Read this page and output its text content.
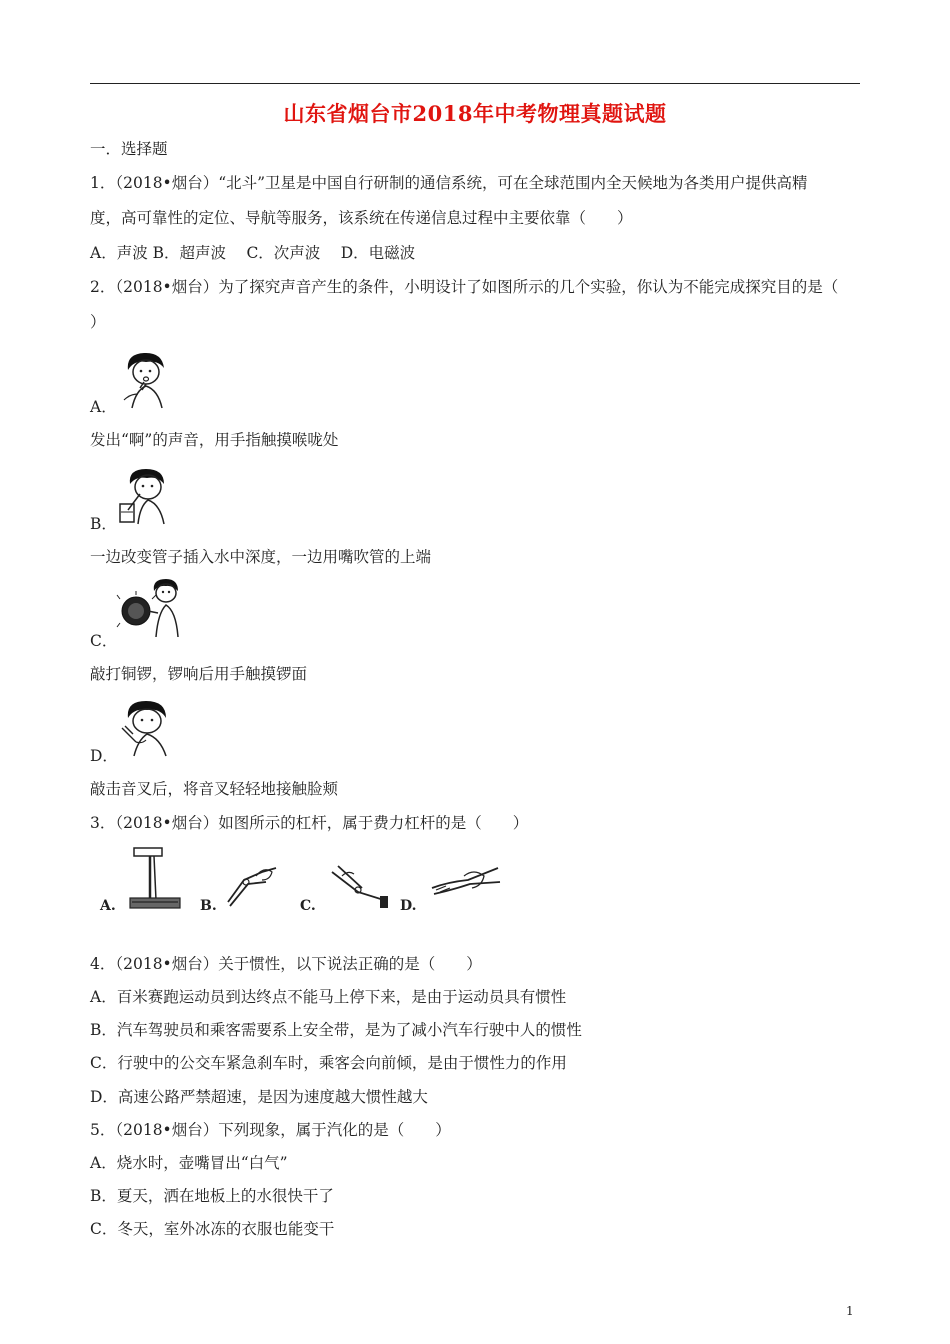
山东省烟台市2018年中考物理真题试题
一．选择题
1．（2018•烟台）“北斗”卫星是中国自行研制的通信系统，可在全球范围内全天候地为各类用户提供高精
度，高可靠性的定位、导航等服务，该系统在传递信息过程中主要依靠（　　）
A．声波 B．超声波　 C．次声波　 D．电磁波
2．（2018•烟台）为了探究声音产生的条件，小明设计了如图所示的几个实验，你认为不能完成探究目的是（
）
A．
发出“啊”的声音，用手指触摸喉咙处
B．
一边改变管子插入水中深度，一边用嘴吹管的上端
C．
敲打铜锣，锣响后用手触摸锣面
D．
敲击音叉后，将音叉轻轻地接触脸颊
3．（2018•烟台）如图所示的杠杆，属于费力杠杆的是（　　）
A.	B.	C.	D.
4．（2018•烟台）关于惯性，以下说法正确的是（　　）
A．百米赛跑运动员到达终点不能马上停下来，是由于运动员具有惯性
B．汽车驾驶员和乘客需要系上安全带，是为了减小汽车行驶中人的惯性
C．行驶中的公交车紧急刹车时，乘客会向前倾，是由于惯性力的作用
D．高速公路严禁超速，是因为速度越大惯性越大
5．（2018•烟台）下列现象，属于汽化的是（　　）
A．烧水时，壶嘴冒出“白气”
B．夏天，洒在地板上的水很快干了
C．冬天，室外冰冻的衣服也能变干
1
